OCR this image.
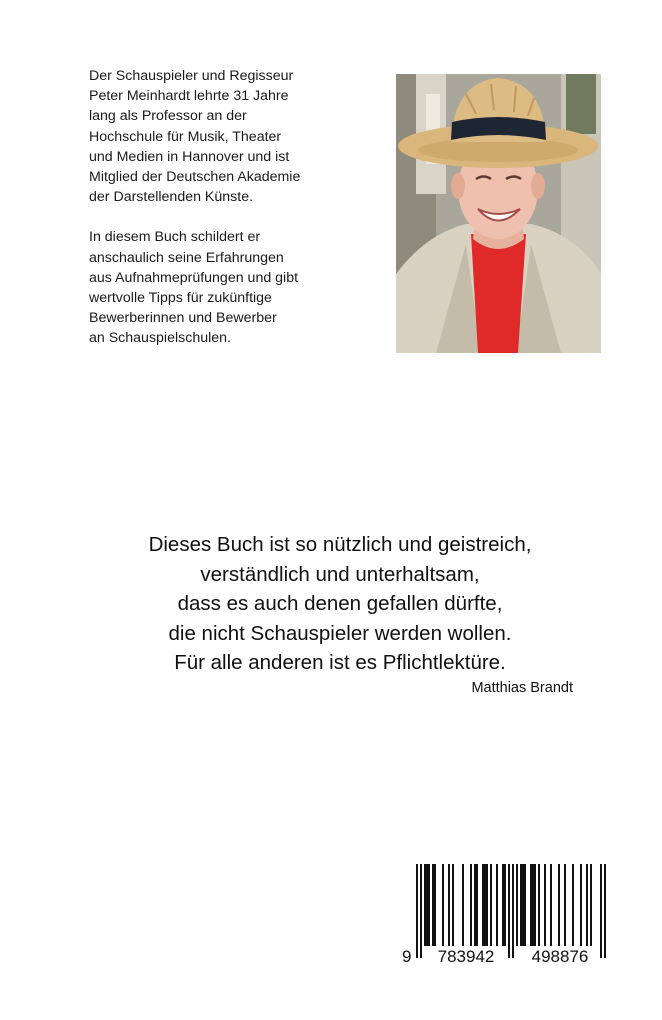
Der Schauspieler und Regisseur
Peter Meinhardt lehrte 31 Jahre
lang als Professor an der
Hochschule für Musik, Theater
und Medien in Hannover und ist
Mitglied der Deutschen Akademie
der Darstellenden Künste.

In diesem Buch schildert er
anschaulich seine Erfahrungen
aus Aufnahmeprüfungen und gibt
wertvolle Tipps für zukünftige
Bewerberinnen und Bewerber
an Schauspielschulen.

Dieses Buch ist so nützlich und geistreich,
verständlich und unterhaltsam,
dass es auch denen gefallen dürfte,
die nicht Schauspieler werden wollen.
Für alle anderen ist es Pflichtlektüre.
Matthias Brandt
9 783942 498876
